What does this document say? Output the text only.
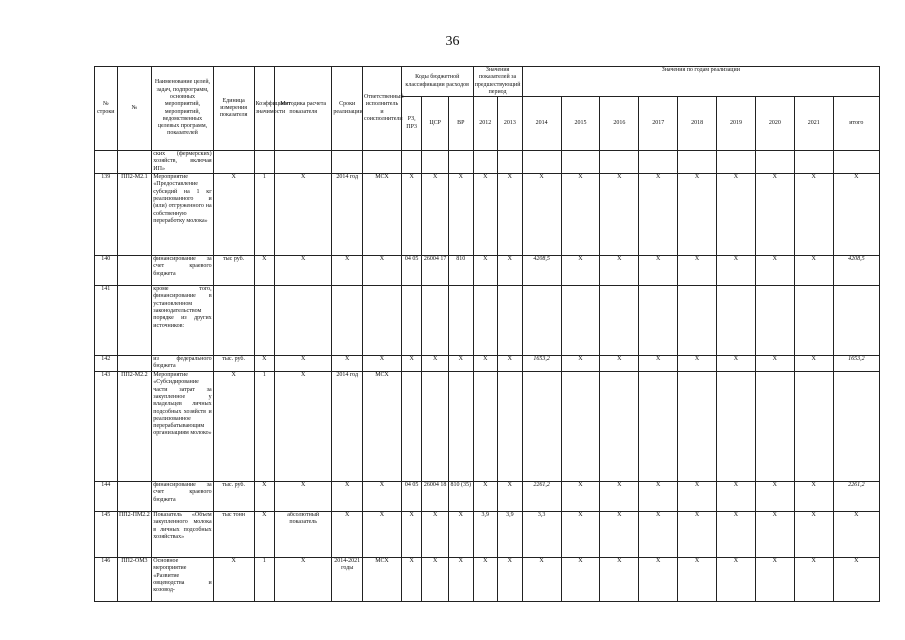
36
№ строки	№	Наименование целей, задач, подпрограмм, основных мероприятий, мероприятий, ведомственных целевых программ, показателей	Единица измерения показателя	Коэффициент значимости	Методика расчета показателя	Сроки реализации	Ответственный исполнитель и соисполнители	Коды бюджетной классификации расходов			Значения показателей за предшествующий период		Значения по годам реализации								
								РЗ, ПР3	ЦСР	ВР	2012	2013	2014	2015	2016	2017	2018	2019	2020	2021	итого
		ских (фермерских) хозяйств, включая ИП»																			
139	ПП2-М2.1	Мероприятие «Предоставление субсидий на 1 кг реализованного и (или) отгруженного на собственную переработку молока»	X	1	X	2014 год	МСХ	X	X	X	X	X	X	X	X	X	X	X	X	X	X
140		финансирование за счет краевого бюджета	тыс руб.	X	X	X	X	04 05	26004 17	810	X	X	4208,5	X	X	X	X	X	X	X	4208,5
141		кроме того, финансирование в установленном законодательством порядке из других источников:																			
142		из федерального бюджета	тыс. руб.	X	X	X	X	X	X	X	X	X	1653,2	X	X	X	X	X	X	X	1653,2
143	ПП2-М2.2	Мероприятие «Субсидирование части затрат за закупленное у владельцев личных подсобных хозяйств и реализованное перерабатывающим организациям молоко»	X	1	X	2014 год	МСХ														
144		финансирование за счет краевого бюджета	тыс. руб.	X	X	X	X	04 05	26004 18	810 (35)	X	X	2261,2	X	X	X	X	X	X	X	2261,2
145	ПП2-ПМ2.2	Показатель «Объем закупленного молока в личных подсобных хозяйствах»	тыс тонн	X	абсолютный показатель	X	X	X	X	X	3,9	3,9	3,3	X	X	X	X	X	X	X	X
146	ПП2-ОМ3	Основное мероприятие «Развитие овцеводства и козовод-	X	1	X	2014-2021 годы	МСХ	X	X	X	X	X	X	X	X	X	X	X	X	X	X
